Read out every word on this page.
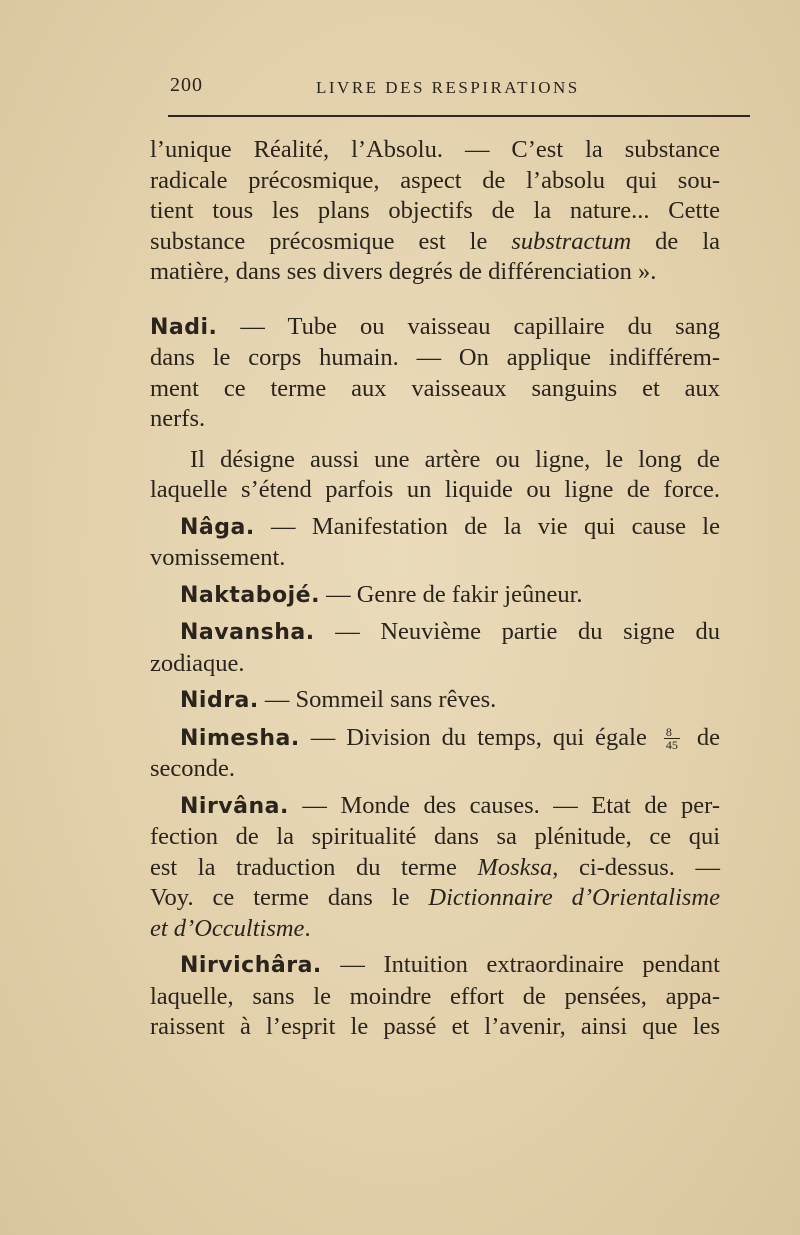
200	LIVRE DES RESPIRATIONS
l’unique Réalité, l’Absolu. — C’est la substance
radicale précosmique, aspect de l’absolu qui sou-
tient tous les plans objectifs de la nature... Cette
substance précosmique est le substractum de la
matière, dans ses divers degrés de différenciation ».
Nadi. — Tube ou vaisseau capillaire du sang
dans le corps humain. — On applique indifférem-
ment ce terme aux vaisseaux sanguins et aux
nerfs.
Il désigne aussi une artère ou ligne, le long de
laquelle s’étend parfois un liquide ou ligne de force.
Nâga. — Manifestation de la vie qui cause le
vomissement.
Naktabojé. — Genre de fakir jeûneur.
Navansha. — Neuvième partie du signe du
zodiaque.
Nidra. — Sommeil sans rêves.
Nimesha. — Division du temps, qui égale $\frac{8}{45}$ de
seconde.
Nirvâna. — Monde des causes. — Etat de per-
fection de la spiritualité dans sa plénitude, ce qui
est la traduction du terme Mosksa, ci-dessus. —
Voy. ce terme dans le Dictionnaire d’Orientalisme
et d’Occultisme.
Nirvichâra. — Intuition extraordinaire pendant
laquelle, sans le moindre effort de pensées, appa-
raissent à l’esprit le passé et l’avenir, ainsi que les
